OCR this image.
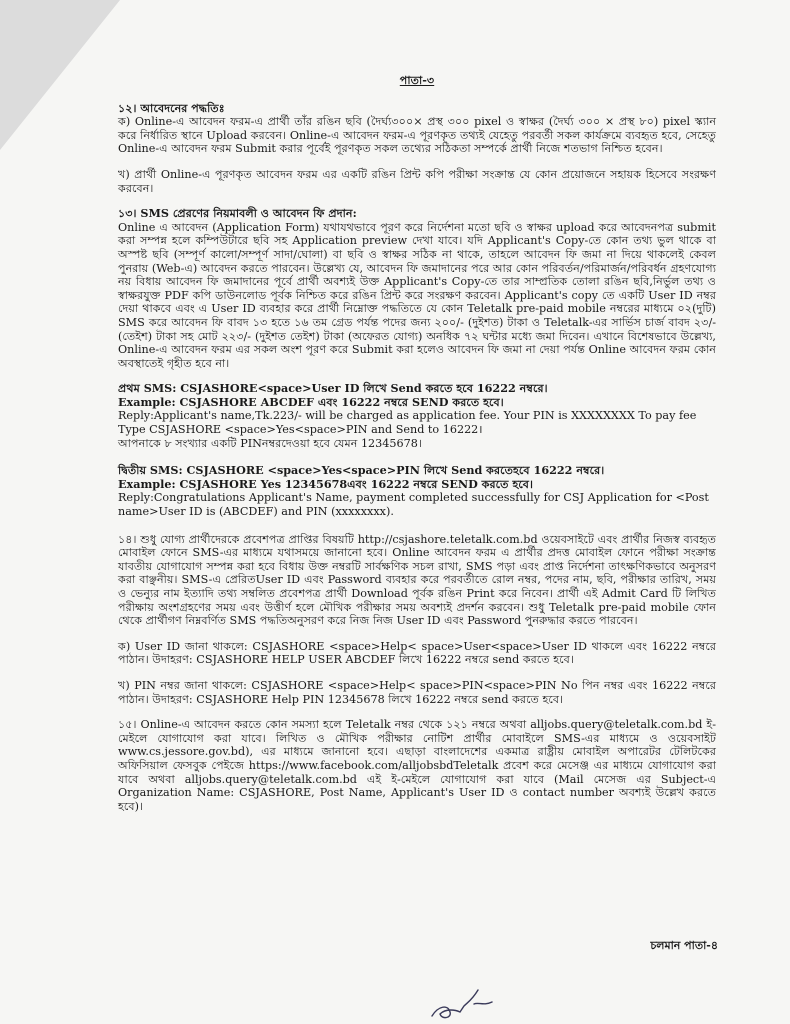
পাতা-৩
১২। আবেদনের পদ্ধতিঃ

ক) Online-এ আবেদন ফরম-এ প্রার্থী তাঁর রঙিন ছবি (দৈর্ঘ্য৩০০× প্রস্থ ৩০০ pixel ও স্বাক্ষর (দৈর্ঘ্য ৩০০ × প্রস্থ ৮০) pixel স্ক্যান করে নির্ধারিত স্থানে Upload করবেন। Online-এ আবেদন ফরম-এ পূরণকৃত তথ্যই যেহেতু পরবর্তী সকল কার্যক্রমে ব্যবহৃত হবে, সেহেতু Online-এ আবেদন ফরম Submit করার পূর্বেই পূরণকৃত সকল তথ্যের সঠিকতা সম্পর্কে প্রার্থী নিজে শতভাগ নিশ্চিত হবেন।

খ) প্রার্থী Online-এ পূরণকৃত আবেদন ফরম এর একটি রঙিন প্রিন্ট কপি পরীক্ষা সংক্রান্ত যে কোন প্রয়োজনে সহায়ক হিসেবে সংরক্ষণ করবেন।

১৩। SMS প্রেরণের নিয়মাবলী ও আবেদন ফি প্রদান:

Online এ আবেদন (Application Form) যথাযথভাবে পূরণ করে নির্দেশনা মতো ছবি ও স্বাক্ষর upload করে আবেদনপত্র submit করা সম্পন্ন হলে কম্পিউটারে ছবি সহ Application preview দেখা যাবে। যদি Applicant's Copy-তে কোন তথ্য ভুল থাকে বা অস্পষ্ট ছবি (সম্পূর্ণ কালো/সম্পূর্ণ সাদা/ঘোলা) বা ছবি ও স্বাক্ষর সঠিক না থাকে, তাহলে আবেদন ফি জমা না দিয়ে থাকলেই কেবল পুনরায় (Web-এ) আবেদন করতে পারবেন। উল্লেখ্য যে, আবেদন ফি জমাদানের পরে আর কোন পরিবর্তন/পরিমার্জন/পরিবর্ধন গ্রহণযোগ্য নয় বিধায় আবেদন ফি জমাদানের পূর্বে প্রার্থী অবশ্যই উক্ত Applicant's Copy-তে তার সাম্প্রতিক তোলা রঙিন ছবি,নির্ভুল তথ্য ও স্বাক্ষরযুক্ত PDF কপি ডাউনলোড পূর্বক নিশ্চিত করে রঙিন প্রিন্ট করে সংরক্ষণ করবেন। Applicant's copy তে একটি User ID নম্বর দেয়া থাকবে এবং এ User ID ব্যবহার করে প্রার্থী নিম্নোক্ত পদ্ধতিতে যে কোন Teletalk pre-paid mobile নম্বরের মাধ্যমে ০২(দুটি) SMS করে আবেদন ফি বাবদ ১৩ হতে ১৬ তম গ্রেড পর্যন্ত পদের জন্য ২০০/- (দুইশত) টাকা ও Teletalk-এর সার্ভিস চার্জ বাবদ ২৩/- (তেইশ) টাকা সহ মোট ২২৩/- (দুইশত তেইশ) টাকা (অফেরত যোগ্য) অনধিক ৭২ ঘন্টার মধ্যে জমা দিবেন। এখানে বিশেষভাবে উল্লেখ্য, Online-এ আবেদন ফরম এর সকল অংশ পূরণ করে Submit করা হলেও আবেদন ফি জমা না দেয়া পর্যন্ত Online আবেদন ফরম কোন অবস্থাতেই গৃহীত হবে না।

প্রথম SMS: CSJASHORE<space>User ID লিখে Send করতে হবে 16222 নম্বরে।
Example: CSJASHORE ABCDEF এবং 16222 নম্বরে SEND করতে হবে।
Reply:Applicant's name,Tk.223/- will be charged as application fee. Your PIN is XXXXXXXX To pay fee Type CSJASHORE <space>Yes<space>PIN and Send to 16222।
আপনাকে ৮ সংখ্যার একটি PINনম্বরদেওয়া হবে যেমন 12345678।
দ্বিতীয় SMS: CSJASHORE <space>Yes<space>PIN লিখে Send করতেহবে 16222 নম্বরে।
Example: CSJASHORE Yes 12345678এবং 16222 নম্বরে SEND করতে হবে।
Reply:Congratulations Applicant's Name, payment completed successfully for CSJ Application for <Post name>User ID is (ABCDEF) and PIN (xxxxxxxx).

১৪। শুধু যোগ্য প্রার্থীদেরকে প্রবেশপত্র প্রাপ্তির বিষয়টি http://csjashore.teletalk.com.bd ওয়েবসাইটে এবং প্রার্থীর নিজস্ব ব্যবহৃত মোবাইল ফোনে SMS-এর মাধ্যমে যথাসময়ে জানানো হবে। Online আবেদন ফরম এ প্রার্থীর প্রদত্ত মোবাইল ফোনে পরীক্ষা সংক্রান্ত যাবতীয় যোগাযোগ সম্পন্ন করা হবে বিধায় উক্ত নম্বরটি সার্বক্ষণিক সচল রাখা, SMS পড়া এবং প্রাপ্ত নির্দেশনা তাৎক্ষণিকভাবে অনুসরণ করা বাঞ্ছনীয়। SMS-এ প্রেরিতUser ID এবং Password ব্যবহার করে পরবর্তীতে রোল নম্বর, পদের নাম, ছবি, পরীক্ষার তারিখ, সময় ও ভেন্যুর নাম ইত্যাদি তথ্য সম্বলিত প্রবেশপত্র প্রার্থী Download পূর্বক রঙিন Print করে নিবেন। প্রার্থী এই Admit Card টি লিখিত পরীক্ষায় অংশগ্রহণের সময় এবং উত্তীর্ণ হলে মৌখিক পরীক্ষার সময় অবশ্যই প্রদর্শন করবেন। শুধু Teletalk pre-paid mobile ফোন থেকে প্রার্থীগণ নিম্নবর্ণিত SMS পদ্ধতিঅনুসরণ করে নিজ নিজ User ID এবং Password পুনরুদ্ধার করতে পারবেন।

ক) User ID জানা থাকলে: CSJASHORE <space>Help< space>User<space>User ID থাকলে এবং 16222 নম্বরে পাঠান। উদাহরণ: CSJASHORE HELP USER ABCDEF লিখে 16222 নম্বরে send করতে হবে।

খ) PIN নম্বর জানা থাকলে: CSJASHORE <space>Help< space>PIN<space>PIN No পিন নম্বর এবং 16222 নম্বরে পাঠান। উদাহরণ: CSJASHORE Help PIN 12345678 লিখে 16222 নম্বরে send করতে হবে।

১৫। Online-এ আবেদন করতে কোন সমস্যা হলে Teletalk নম্বর থেকে ১২১ নম্বরে অথবা alljobs.query@teletalk.com.bd ই-মেইলে যোগাযোগ করা যাবে। লিখিত ও মৌখিক পরীক্ষার নোটিশ প্রার্থীর মোবাইলে SMS-এর মাধ্যমে ও ওয়েবসাইট www.cs.jessore.gov.bd), এর মাধ্যমে জানানো হবে। এছাড়া বাংলাদেশের একমাত্র রাষ্ট্রীয় মোবাইল অপারেটর টেলিটকের অফিসিয়াল ফেসবুক পেইজে https://www.facebook.com/alljobsbdTeletalk প্রবেশ করে মেসেঞ্জ এর মাধ্যমে যোগাযোগ করা যাবে অথবা alljobs.query@teletalk.com.bd এই ই-মেইলে যোগাযোগ করা যাবে (Mail মেসেজ এর Subject-এ Organization Name: CSJASHORE, Post Name, Applicant's User ID ও contact number অবশ্যই উল্লেখ করতে হবে)।

চলমান পাতা-৪
